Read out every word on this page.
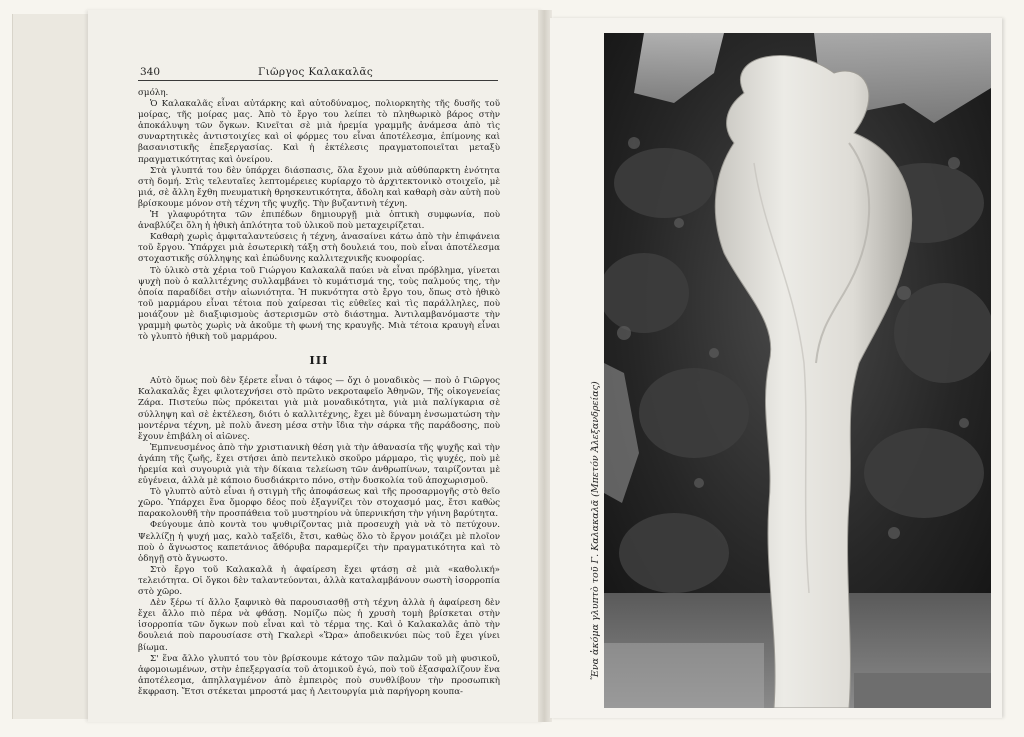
340	Γιῶργος Καλακαλᾶς

σμόλη.

Ὁ Καλακαλᾶς εἶναι αὐτάρκης καὶ αὐτοδύναμος, πολιορκητὴς τῆς δυσῆς τοῦ μοίρας, τῆς μοίρας μας. Ἀπὸ τὸ ἔργο του λείπει τὸ πληθωρικὸ βάρος στὴν ἀποκάλυψη τῶν ὄγκων. Κινεῖται σὲ μιὰ ἠρεμία γραμμῆς ἀνάμεσα ἀπὸ τὶς συναρτητικὲς ἀντιστοιχίες καὶ οἱ φόρμες του εἶναι ἀποτέλεσμα, ἐπίμονης καὶ βασανιστικῆς ἐπεξεργασίας. Καὶ ἡ ἐκτέλεσις πραγματοποιεῖται μεταξὺ πραγματικότητας καὶ ὀνείρου.

Στὰ γλυπτά του δὲν ὑπάρχει διάσπασις, ὅλα ἔχουν μιὰ αὐθύπαρκτη ἑνότητα στὴ δομή. Στὶς τελευταῖες λεπτομέρειες κυρίαρχο τὸ ἀρχιτεκτονικὸ στοιχεῖο, μὲ μιά, σὲ ἄλλη ἔχθη πνευματικὴ θρησκευτικότητα, ἄδολη καὶ καθαρὴ σὰν αὐτὴ ποὺ βρίσκουμε μόνον στὴ τέχνη τῆς ψυχῆς. Τὴν βυζαντινὴ τέχνη.

Ἡ γλαφυρότητα τῶν ἐπιπέδων δημιουργῇ μιὰ ὀπτικὴ συμφωνία, ποὺ ἀναβλύζει ὅλη ἡ ἠθικὴ ἁπλότητα τοῦ ὑλικοῦ ποὺ μεταχειρίζεται.

Καθαρὴ χωρὶς ἀμφιταλαντεύσεις ἡ τέχνη, ἀνασαίνει κάτω ἀπὸ τὴν ἐπιφάνεια τοῦ ἔργου. Ὑπάρχει μιὰ ἐσωτερικὴ τάξη στὴ δουλειά του, ποὺ εἶναι ἀποτέλεσμα στοχαστικῆς σύλληψης καὶ ἐπώδυνης καλλιτεχνικῆς κυοφορίας.

Τὸ ὑλικὸ στὰ χέρια τοῦ Γιώργου Καλακαλᾶ παύει νὰ εἶναι πρόβλημα, γίνεται ψυχὴ ποὺ ὁ καλλιτέχνης συλλαμβάνει τὸ κυμάτισμά της, τοὺς παλμούς της, τὴν ὁποία παραδίδει στὴν αἰωνιότητα. Ἡ πυκνότητα στὸ ἔργο του, ὅπως στὸ ἠθικὸ τοῦ μαρμάρου εἶναι τέτοια ποὺ χαίρεσαι τὶς εὐθεῖες καὶ τὶς παράλληλες, ποὺ μοιάζουν μὲ διαξιφισμοὺς ἀστερισμῶν στὸ διάστημα. Ἀντιλαμβανόμαστε τὴν γραμμὴ φωτὸς χωρὶς νὰ ἀκοῦμε τὴ φωνή της κραυγῆς. Μιὰ τέτοια κραυγὴ εἶναι τὸ γλυπτὸ ἠθικὴ τοῦ μαρμάρου.

III

Αὐτὸ ὅμως ποὺ δὲν ξέρετε εἶναι ὁ τάφος — ὄχι ὁ μοναδικὸς — ποὺ ὁ Γιῶργος Καλακαλᾶς ἔχει φιλοτεχνήσει στὸ πρῶτο νεκροταφεῖο Ἀθηνῶν, Τῆς οἰκογενείας Ζάρα. Πιστεύω πὼς πρόκειται γιὰ μιὰ μοναδικότητα, γιὰ μιὰ παλίγκαρια σὲ σύλληψη καὶ σὲ ἐκτέλεση, διότι ὁ καλλιτέχνης, ἔχει μὲ δύναμη ἐνσωματώση τὴν μοντέρνα τέχνη, μὲ πολὺ ἄνεση μέσα στὴν ἴδια τὴν σάρκα τῆς παράδοσης, ποὺ ἔχουν ἐπιβάλη οἱ αἰῶνες.

Ἐμπνευσμένος ἀπὸ τὴν χριστιανικὴ θέση γιὰ τὴν ἀθανασία τῆς ψυχῆς καὶ τὴν ἀγάπη τῆς ζωῆς, ἔχει στήσει ἀπὸ πεντελικὸ σκοῦρο μάρμαρο, τὶς ψυχές, ποὺ μὲ ἠρεμία καὶ συγουριὰ γιὰ τὴν δίκαια τελείωση τῶν ἀνθρωπίνων, ταιρίζονται μὲ εὐγένεια, ἀλλὰ μὲ κάποιο δυσδιάκριτο πόνο, στὴν δυσκολία τοῦ ἀποχωρισμοῦ.

Τὸ γλυπτὸ αὐτὸ εἶναι ἡ στιγμὴ τῆς ἀποφάσεως καὶ τῆς προσαρμογῆς στὸ θεῖο χῶρο. Ὑπάρχει ἕνα ὅμορφο δέος ποὺ ἐξαγνίζει τὸν στοχασμό μας, ἔτσι καθὼς παρακολουθῆ τὴν προσπάθεια τοῦ μυστηρίου νὰ ὑπερνικήση τὴν γήινη βαρύτητα.

Φεύγουμε ἀπὸ κοντὰ του ψυθιρίζοντας μιὰ προσευχὴ γιὰ νὰ τὸ πετύχουν. Ψελλίζῃ ἡ ψυχή μας, καλὸ ταξεῖδι, ἔτσι, καθὼς ὅλο τὸ ἔργον μοιάζει μὲ πλοῖον ποὺ ὁ ἄγνωστος καπετάνιος ἄθόρυβα παραμερίζει τὴν πραγματικότητα καὶ τὸ ὁδηγῇ στὸ ἄγνωστο.

Στὸ ἔργο τοῦ Καλακαλᾶ ἡ ἀφαίρεση ἔχει φτάσῃ σὲ μιὰ «καθολική» τελειότητα. Οἱ ὄγκοι δὲν ταλαντεύονται, ἀλλὰ καταλαμβάνουν σωστὴ ἰσορροπία στὸ χῶρο.

Δὲν ξέρω τί ἄλλο ξαφνικὸ θὰ παρουσιασθῇ στὴ τέχνη ἀλλὰ ἡ ἀφαίρεση δὲν ἔχει ἄλλο πιὸ πέρα νὰ φθάσῃ. Νομίζω πὼς ἡ χρυσὴ τομὴ βρίσκεται στὴν ἰσορροπία τῶν ὄγκων ποὺ εἶναι καὶ τὸ τέρμα της. Καὶ ὁ Καλακαλᾶς ἀπὸ τὴν δουλειά ποὺ παρουσίασε στὴ Γκαλερὶ «Ὥρα» ἀποδεικνύει πὼς τοῦ ἔχει γίνει βίωμα.

Σ' ἕνα ἄλλο γλυπτό του τὸν βρίσκουμε κάτοχο τῶν παλμῶν τοῦ μὴ φυσικοῦ, ἀφομοιωμένων, στὴν ἐπεξεργασία τοῦ ἀτομικοῦ ἐγώ, ποὺ τοῦ ἐξασφαλίζουν ἕνα ἀποτέλεσμα, ἀπηλλαγμένον ἀπὸ ἐμπειρὸς ποὺ συνθλίβουν τὴν προσωπικὴ ἔκφραση. Ἔτσι στέκεται μπροστά μας ἡ Λειτουργία μιὰ παρήγορη κουπα-

Ἕνα ἀκόμα γλυπτὸ τοῦ Γ. Καλακαλᾶ (Μπετόν Ἀλεξανδρείας)
